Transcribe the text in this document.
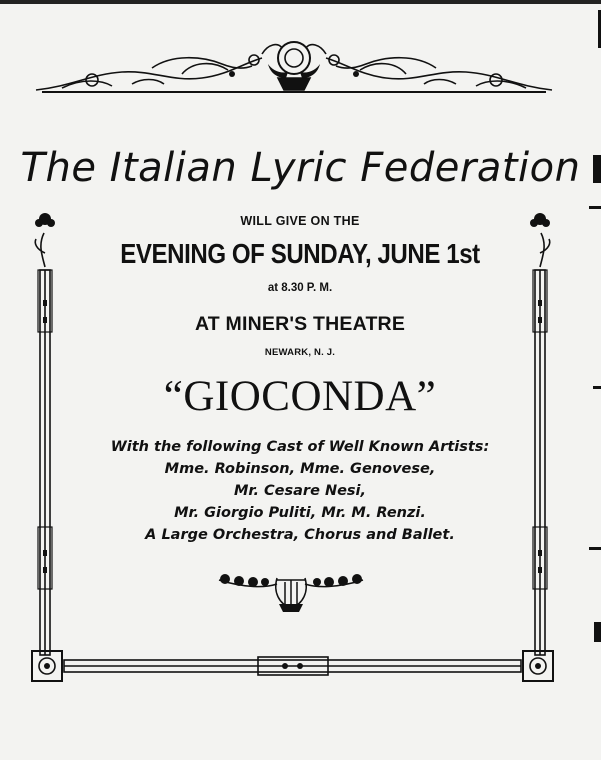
The Italian Lyric Federation
WILL GIVE ON THE
EVENING OF SUNDAY, JUNE 1st
at 8.30 P. M.
AT MINER'S THEATRE
NEWARK, N. J.
“GIOCONDA”
With the following Cast of Well Known Artists:
Mme. Robinson, Mme. Genovese,
Mr. Cesare Nesi,
Mr. Giorgio Puliti, Mr. M. Renzi.
A Large Orchestra, Chorus and Ballet.
